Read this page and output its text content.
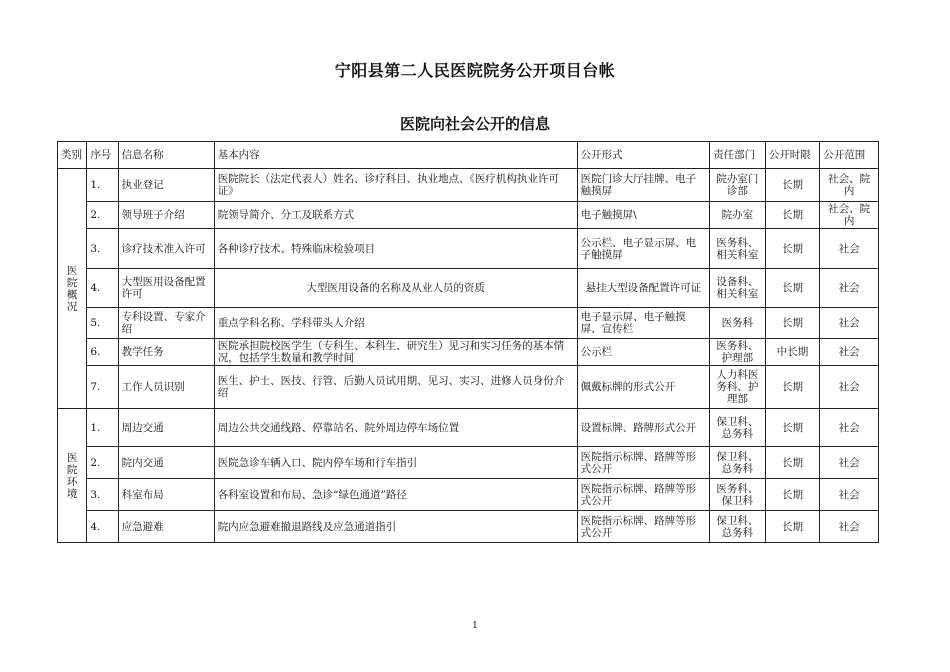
宁阳县第二人民医院院务公开项目台帐
医院向社会公开的信息
类别	序号	信息名称	基本内容	公开形式	责任部门	公开时限	公开范围
医院概况	1.	执业登记	医院院长（法定代表人）姓名、诊疗科目、执业地点、《医疗机构执业许可证》	医院门诊大厅挂牌、电子触摸屏	院办室门诊部	长期	社会、院内
	2.	领导班子介绍	院领导简介、分工及联系方式	电子触摸屏\	院办室	长期	社会、院内
	3.	诊疗技术准入许可	各种诊疗技术、特殊临床检验项目	公示栏、电子显示屏、电子触摸屏	医务科、相关科室	长期	社会
	4.	大型医用设备配置许可	大型医用设备的名称及从业人员的资质	悬挂大型设备配置许可证	设备科、相关科室	长期	社会
	5.	专科设置、专家介绍	重点学科名称、学科带头人介绍	电子显示屏、电子触摸屏、宣传栏	医务科	长期	社会
	6.	教学任务	医院承担院校医学生（专科生、本科生、研究生）见习和实习任务的基本情况，包括学生数量和教学时间	公示栏	医务科、护理部	中长期	社会
	7.	工作人员识别	医生、护士、医技、行管、后勤人员试用期、见习、实习、进修人员身份介绍	佩戴标牌的形式公开	人力科医务科、护理部	长期	社会
医院环境	1.	周边交通	周边公共交通线路、停靠站名、院外周边停车场位置	设置标牌、路牌形式公开	保卫科、总务科	长期	社会
	2.	院内交通	医院急诊车辆入口、院内停车场和行车指引	医院指示标牌、路牌等形式公开	保卫科、总务科	长期	社会
	3.	科室布局	各科室设置和布局、急诊“绿色通道”路径	医院指示标牌、路牌等形式公开	医务科、保卫科	长期	社会
	4.	应急避难	院内应急避难撤退路线及应急通道指引	医院指示标牌、路牌等形式公开	保卫科、总务科	长期	社会
1
